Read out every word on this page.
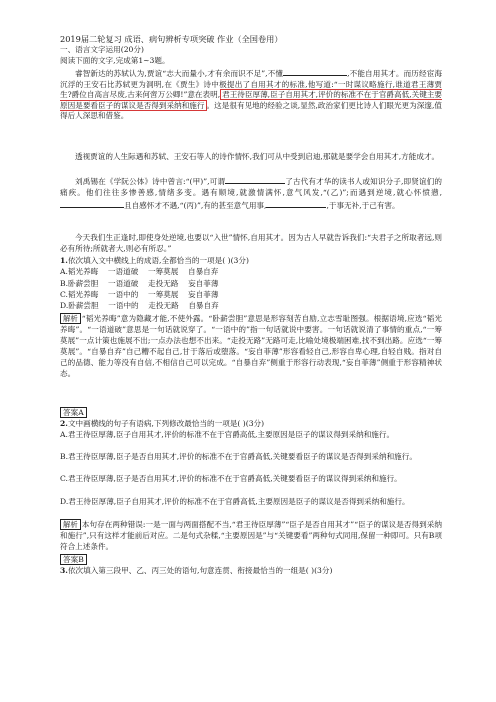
2019届二轮复习 成语、病句辨析专项突破 作业（全国卷用）

一、语言文字运用(20分)

阅读下面的文字,完成第1~3题。

睿智新达的苏轼认为,贾谊“志大而量小,才有余而识不足”,不懂	,不能自用其才。而历经宦海沉浮的王安石比苏轼更为洞明,在《贾生》诗中极提出了自用其才的标准,他写道:“一时谋议略施行,谁道君王薄贾生?爵位自高言尽废,古来何啻万公卿!”意在表明, 君王待臣厚薄,臣子自用其才,评价的标准不在于官爵高低,关键主要原因是要看臣子的谋议是否得到采纳和施行 。这是很有见地的经验之谈,显然,政治家们更比诗人们眼光更为深邃,值得后人深思和借鉴。

透视贾谊的人生际遇和苏轼、王安石等人的诗作情怀,我们可从中受到启迪,那就是要学会自用其才,方能成才。

刘禹锡在《学阮公体》诗中曾言:“(甲)”,可谓	了古代有才华的读书人或知识分子,即贤谊们的痛疾。他们往往多惨善感,情绪多变。遇有顺境,就激情满怀,意气风发,“(乙)”;而遇到逆境,就心怀愤懑,且自感怀才不遇,“(丙)”,有的甚至意气用事,	,于事无补,于己有害。

今天我们生正逢时,即使身处逆境,也要以“入世”情怀,自用其才。因为古人早就告诉我们:“夫君子之所取者远,则必有所待;所就者大,则必有所忍。”

1.依次填入文中横线上的成语,全都恰当的一项是( )(3分)

A.韬光养晦    一语道破    一筹莫展    自暴自弃

B.卧薪尝胆    一语道破    走投无路    妄自菲薄

C.韬光养晦    一语中的    一筹莫展    妄自菲薄

D.卧薪尝胆    一语中的    走投无路    自暴自弃

解析 “韬光养晦”意为隐藏才能,不使外露。“卧薪尝胆”意思是形容刻苦自励,立志雪耻图强。根据语境,应选“韬光养晦”。“一语道破”意思是一句话就说穿了。“一语中的”指一句话就说中要害。一句话就说清了事情的重点,“一筹莫展”一点计策也施展不出;一点办法也想不出来。“走投无路”无路可走,比喻处境极端困难,找不到出路。应选“一筹莫展”。“自暴自弃”自己糟不起自己,甘于落后或堕落。“妄自菲薄”形容看轻自己,形容自卑心理,自轻自贱。指对自己的品德、能力等没有自信,不相信自己可以完成。“自暴自弃”侧重于形容行动表现,“妄自菲薄”侧重于形容精神状态。

答案A

2.文中画横线的句子有语病,下列修改最恰当的一项是( )(3分)

A.君王待臣厚薄,臣子自用其才,评价的标准不在于官爵高低,主要原因是臣子的谋议得到采纳和施行。

B.君王待臣厚薄,臣子是否自用其才,评价的标准不在于官爵高低,关键要看臣子的谋议是否得到采纳和施行。

C.君王待臣厚薄,臣子是否自用其才,评价的标准不在于官爵高低,关键要看臣子的谋议得到采纳和施行。

D.君王待臣厚薄,臣子自用其才,评价的标准不在于官爵高低,主要原因是臣子的谋议是否得到采纳和施行。

解析 本句存在两种错误:一是一面与两面搭配不当,“君王待臣厚薄”“臣子是否自用其才”“臣子的谋议是否得到采纳和施行”,只有这样才能前后对应。二是句式杂糅,“主要原因是”与“关键要看”两种句式同用,保留一种即可。只有B项符合上述条件。

答案B

3.依次填入第三段甲、乙、丙三处的语句,句意连贯、衔接最恰当的一组是( )(3分)
